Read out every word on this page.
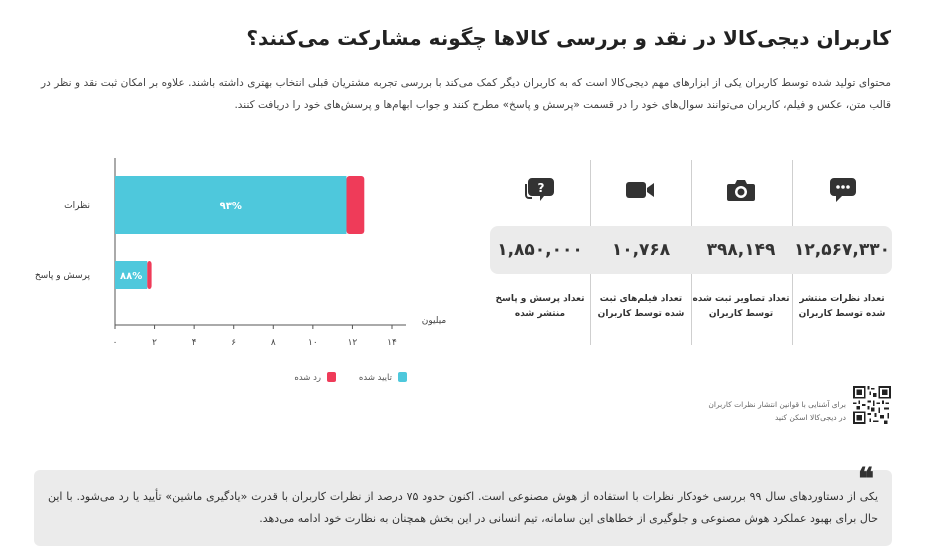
کاربران دیجی‌کالا در نقد و بررسی کالاها چگونه مشارکت می‌کنند؟
محتوای تولید شده توسط کاربران یکی از ابزارهای مهم دیجی‌کالا است که به کاربران دیگر کمک می‌کند با بررسی تجربه مشتریان قبلی انتخاب بهتری داشته باشند. علاوه بر امکان ثبت نقد و نظر در قالب متن، عکس و فیلم، کاربران می‌توانند سوال‌های خود را در قسمت «پرسش و پاسخ» مطرح کنند و جواب ابهام‌ها و پرسش‌های خود را دریافت کنند.
۰	۲	۴	۶	۸	۱۰	۱۲	۱۴
میلیون
نظرات	۹۳%
پرسش و پاسخ	۸۸%
تایید شده
رد شده
?
۱,۸۵۰,۰۰۰	۱۰,۷۶۸	۳۹۸,۱۴۹	۱۲,۵۶۷,۳۳۰
تعداد پرسش و پاسخ منتشر شده
تعداد فیلم‌های ثبت شده توسط کاربران
تعداد تصاویر ثبت شده توسط کاربران
تعداد نظرات منتشر شده توسط کاربران
برای آشنایی با قوانین انتشار نظرات کاربران
در دیجی‌کالا اسکن کنید
❝
یکی از دستاوردهای سال ۹۹ بررسی خودکار نظرات با استفاده از هوش مصنوعی است. اکنون حدود ۷۵ درصد از نظرات کاربران با قدرت «یادگیری ماشین» تأیید یا رد می‌شود. با این حال برای بهبود عملکرد هوش مصنوعی و جلوگیری از خطاهای این سامانه، تیم انسانی در این بخش همچنان به نظارت خود ادامه می‌دهد.
